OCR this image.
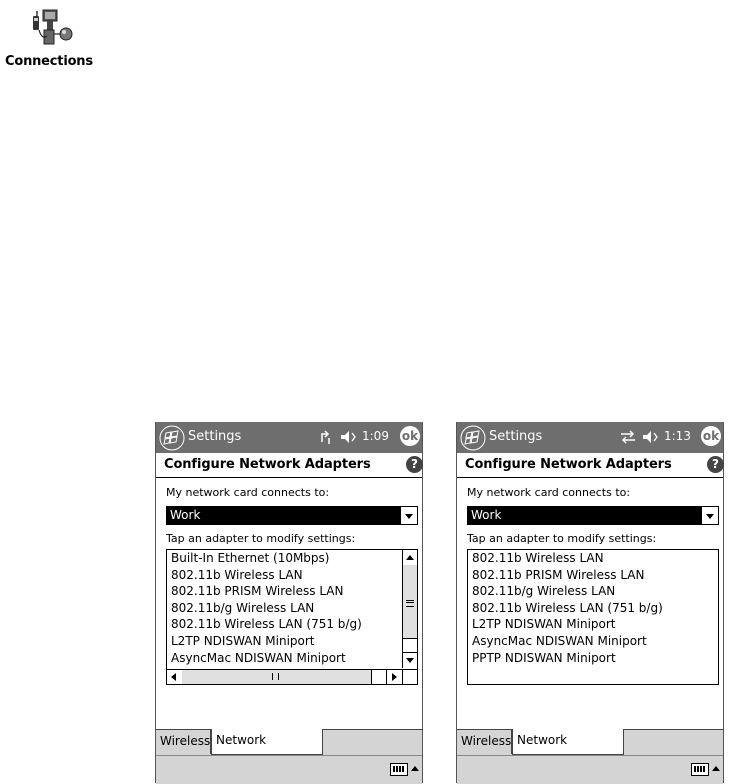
Connections
Settings	1:09 ok
Configure Network Adapters	?
My network card connects to:
Work
Tap an adapter to modify settings:
Built-In Ethernet (10Mbps)
802.11b Wireless LAN
802.11b PRISM Wireless LAN
802.11b/g Wireless LAN
802.11b Wireless LAN (751 b/g)
L2TP NDISWAN Miniport
AsyncMac NDISWAN Miniport
Wireless Network
Settings	1:13 ok
Configure Network Adapters	?
My network card connects to:
Work
Tap an adapter to modify settings:
802.11b Wireless LAN
802.11b PRISM Wireless LAN
802.11b/g Wireless LAN
802.11b Wireless LAN (751 b/g)
L2TP NDISWAN Miniport
AsyncMac NDISWAN Miniport
PPTP NDISWAN Miniport
Wireless Network
